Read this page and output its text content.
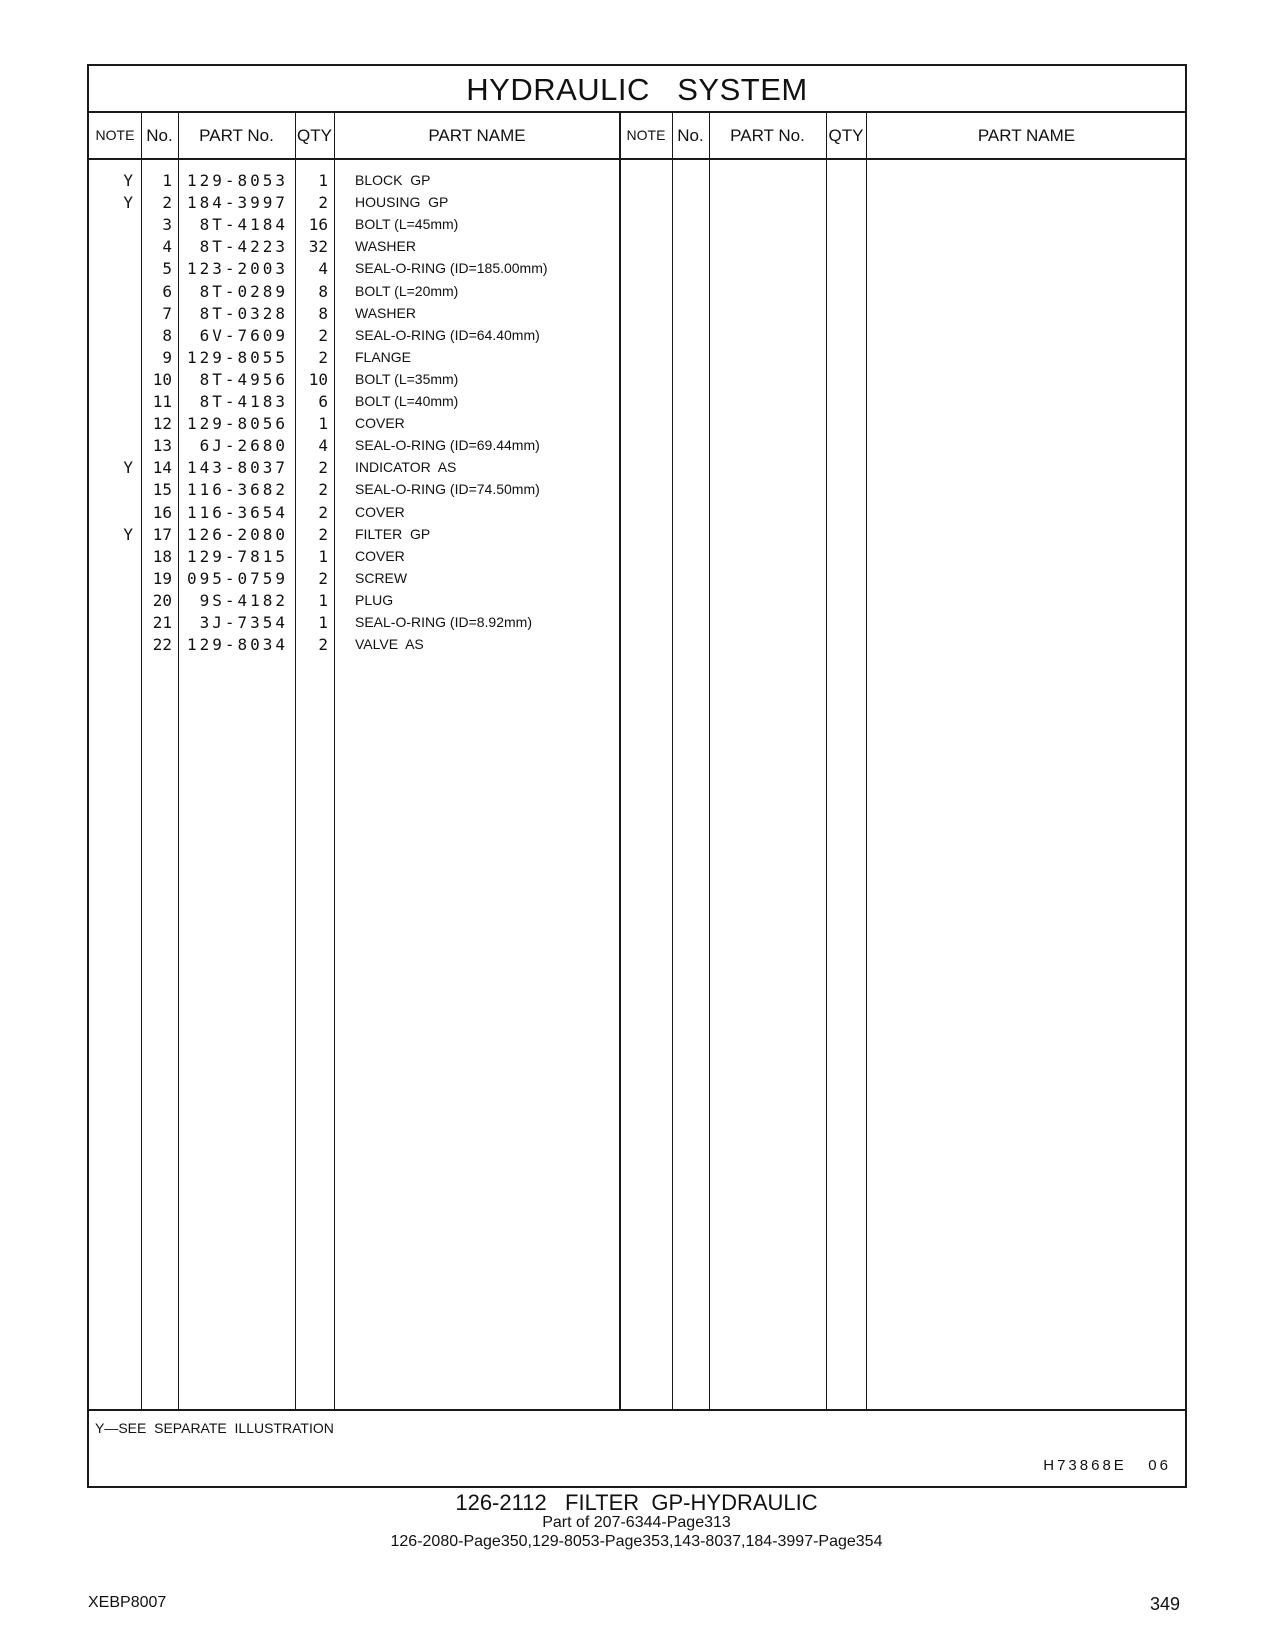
HYDRAULIC   SYSTEM
NOTE No.	PART No.	QTY	PART NAME	NOTE No.	PART No.	QTY	PART NAME
Y	1 129-8053	1 BLOCK  GP
Y	2 184-3997	2 HOUSING  GP
3	8T-4184	16 BOLT (L=45mm)
4	8T-4223	32 WASHER
5 123-2003	4 SEAL-O-RING (ID=185.00mm)
6	8T-0289	8 BOLT (L=20mm)
7	8T-0328	8 WASHER
8	6V-7609	2 SEAL-O-RING (ID=64.40mm)
9 129-8055	2 FLANGE
10	8T-4956	10 BOLT (L=35mm)
11	8T-4183	6 BOLT (L=40mm)
12 129-8056	1 COVER
13	6J-2680	4 SEAL-O-RING (ID=69.44mm)
Y	14 143-8037	2 INDICATOR  AS
15 116-3682	2 SEAL-O-RING (ID=74.50mm)
16 116-3654	2 COVER
Y	17 126-2080	2 FILTER  GP
18 129-7815	1 COVER
19 095-0759	2 SCREW
20	9S-4182	1 PLUG
21	3J-7354	1 SEAL-O-RING (ID=8.92mm)
22 129-8034	2 VALVE  AS
Y—SEE  SEPARATE  ILLUSTRATION
H73868E   06
126-2112   FILTER  GP-HYDRAULIC
Part of 207-6344-Page313
126-2080-Page350,129-8053-Page353,143-8037,184-3997-Page354
XEBP8007	349
